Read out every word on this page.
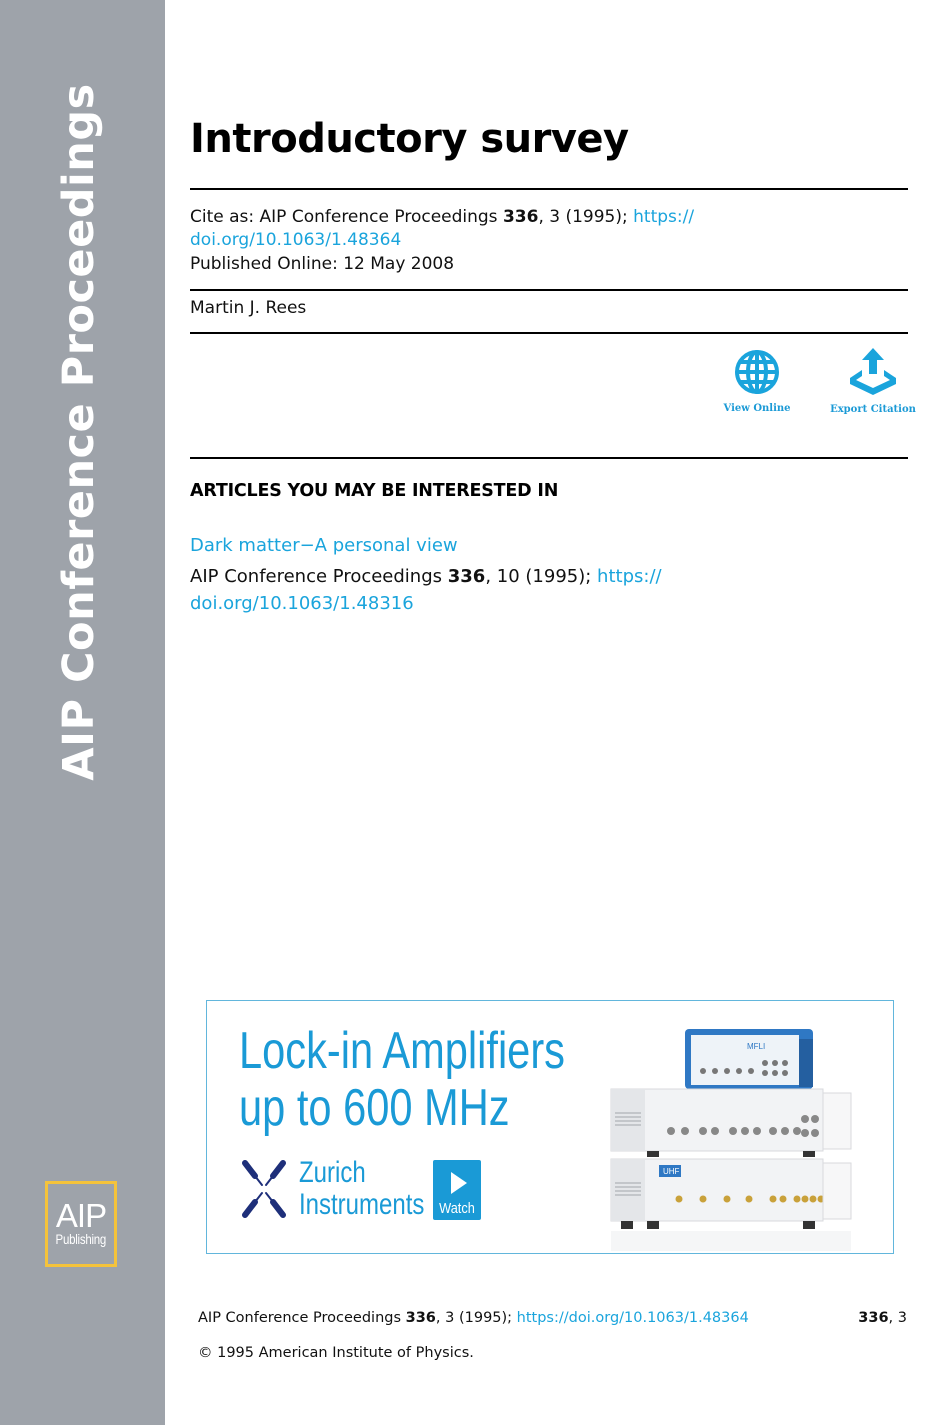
AIP Conference Proceedings
AIP
Publishing
Introductory survey
Cite as: AIP Conference Proceedings 336, 3 (1995); https://
doi.org/10.1063/1.48364
Published Online: 12 May 2008
Martin J. Rees
View Online	Export Citation
ARTICLES YOU MAY BE INTERESTED IN
Dark matter−A personal view
AIP Conference Proceedings 336, 10 (1995); https://
doi.org/10.1063/1.48316
Lock-in Amplifiers
up to 600 MHz
Zurich
Instruments Watch
MFLI
UHF
AIP Conference Proceedings 336, 3 (1995); https://doi.org/10.1063/1.48364	336, 3
© 1995 American Institute of Physics.
